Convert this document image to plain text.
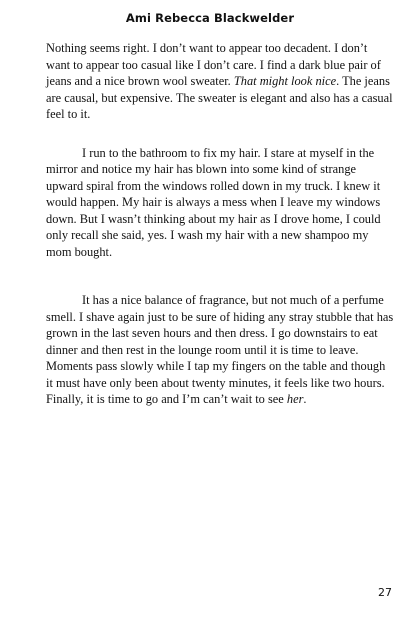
Ami Rebecca Blackwelder

Nothing seems right. I don’t want to appear too decadent. I don’t want to appear too casual like I don’t care. I find a dark blue pair of jeans and a nice brown wool sweater. That might look nice. The jeans are causal, but expensive. The sweater is elegant and also has a casual feel to it.

I run to the bathroom to fix my hair. I stare at myself in the mirror and notice my hair has blown into some kind of strange upward spiral from the windows rolled down in my truck. I knew it would happen. My hair is always a mess when I leave my windows down. But I wasn’t thinking about my hair as I drove home, I could only recall she said, yes. I wash my hair with a new shampoo my mom bought.

It has a nice balance of fragrance, but not much of a perfume smell. I shave again just to be sure of hiding any stray stubble that has grown in the last seven hours and then dress. I go downstairs to eat dinner and then rest in the lounge room until it is time to leave. Moments pass slowly while I tap my fingers on the table and though it must have only been about twenty minutes, it feels like two hours. Finally, it is time to go and I’m can’t wait to see her.

27
